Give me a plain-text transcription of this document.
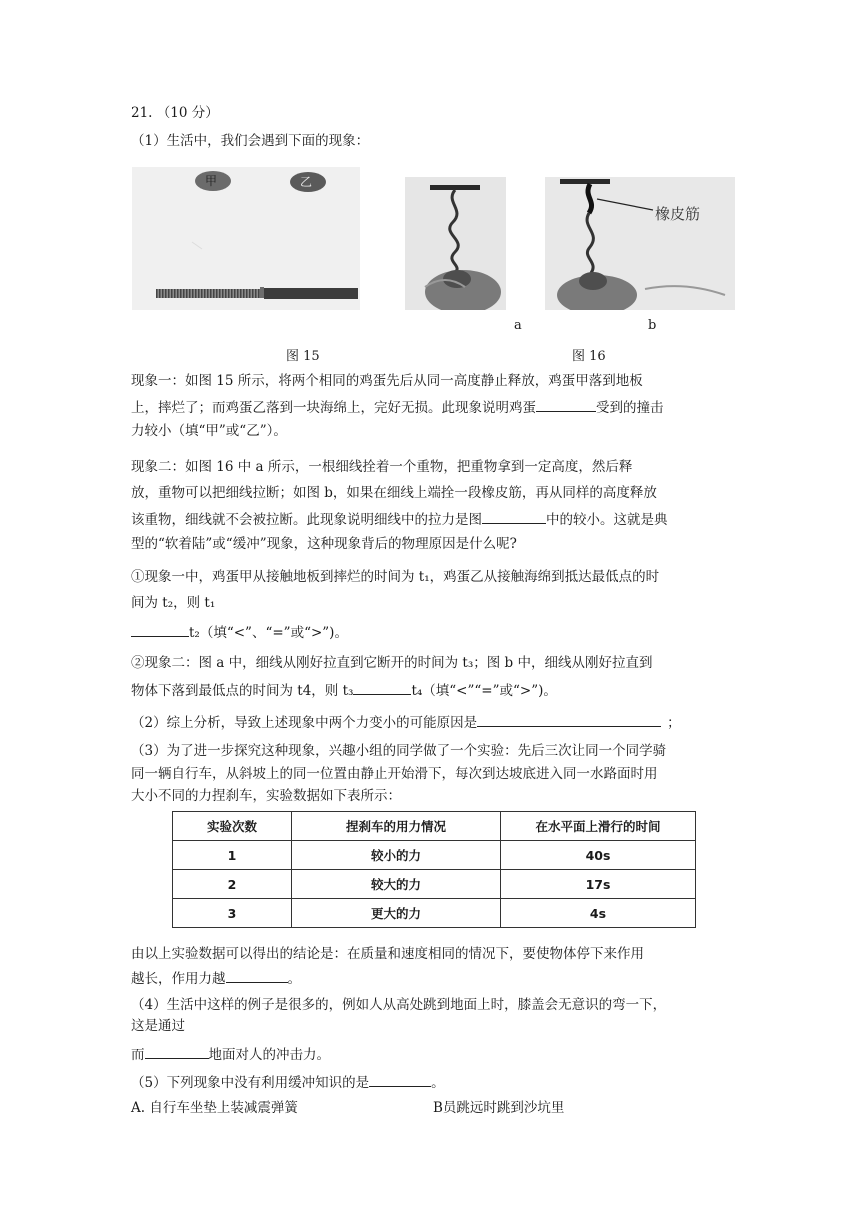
21. （10 分）
（1）生活中，我们会遇到下面的现象：
甲	乙
橡皮筋
a	b
图 15	图 16
现象一：如图 15 所示，将两个相同的鸡蛋先后从同一高度静止释放，鸡蛋甲落到地板
上，摔烂了；而鸡蛋乙落到一块海绵上，完好无损。此现象说明鸡蛋	受到的撞击
力较小（填“甲”或“乙”）。
现象二：如图 16 中 a 所示，一根细线拴着一个重物，把重物拿到一定高度，然后释
放，重物可以把细线拉断；如图 b，如果在细线上端拴一段橡皮筋，再从同样的高度释放
该重物，细线就不会被拉断。此现象说明细线中的拉力是图	中的较小。这就是典
型的“软着陆”或“缓冲”现象，这种现象背后的物理原因是什么呢?
①现象一中，鸡蛋甲从接触地板到摔烂的时间为 t₁，鸡蛋乙从接触海绵到抵达最低点的时
间为 t₂，则 t₁
t₂（填“<”、“=”或“>”)。
②现象二：图 a 中，细线从刚好拉直到它断开的时间为 t₃；图 b 中，细线从刚好拉直到
物体下落到最低点的时间为 t4，则 t₃	t₄（填“<”“=”或“>”)。
（2）综上分析，导致上述现象中两个力变小的可能原因是	；
（3）为了进一步探究这种现象，兴趣小组的同学做了一个实验：先后三次让同一个同学骑
同一辆自行车，从斜坡上的同一位置由静止开始滑下，每次到达坡底进入同一水路面时用
大小不同的力捏刹车，实验数据如下表所示：
实验次数	捏刹车的用力情况	在水平面上滑行的时间
1	较小的力	40s
2	较大的力	17s
3	更大的力	4s
由以上实验数据可以得出的结论是：在质量和速度相同的情况下，要使物体停下来作用
越长，作用力越	。
（4）生活中这样的例子是很多的，例如人从高处跳到地面上时，膝盖会无意识的弯一下，
这是通过
而	地面对人的冲击力。
（5）下列现象中没有利用缓冲知识的是	。
A. 自行车坐垫上装减震弹簧	B员跳远时跳到沙坑里
